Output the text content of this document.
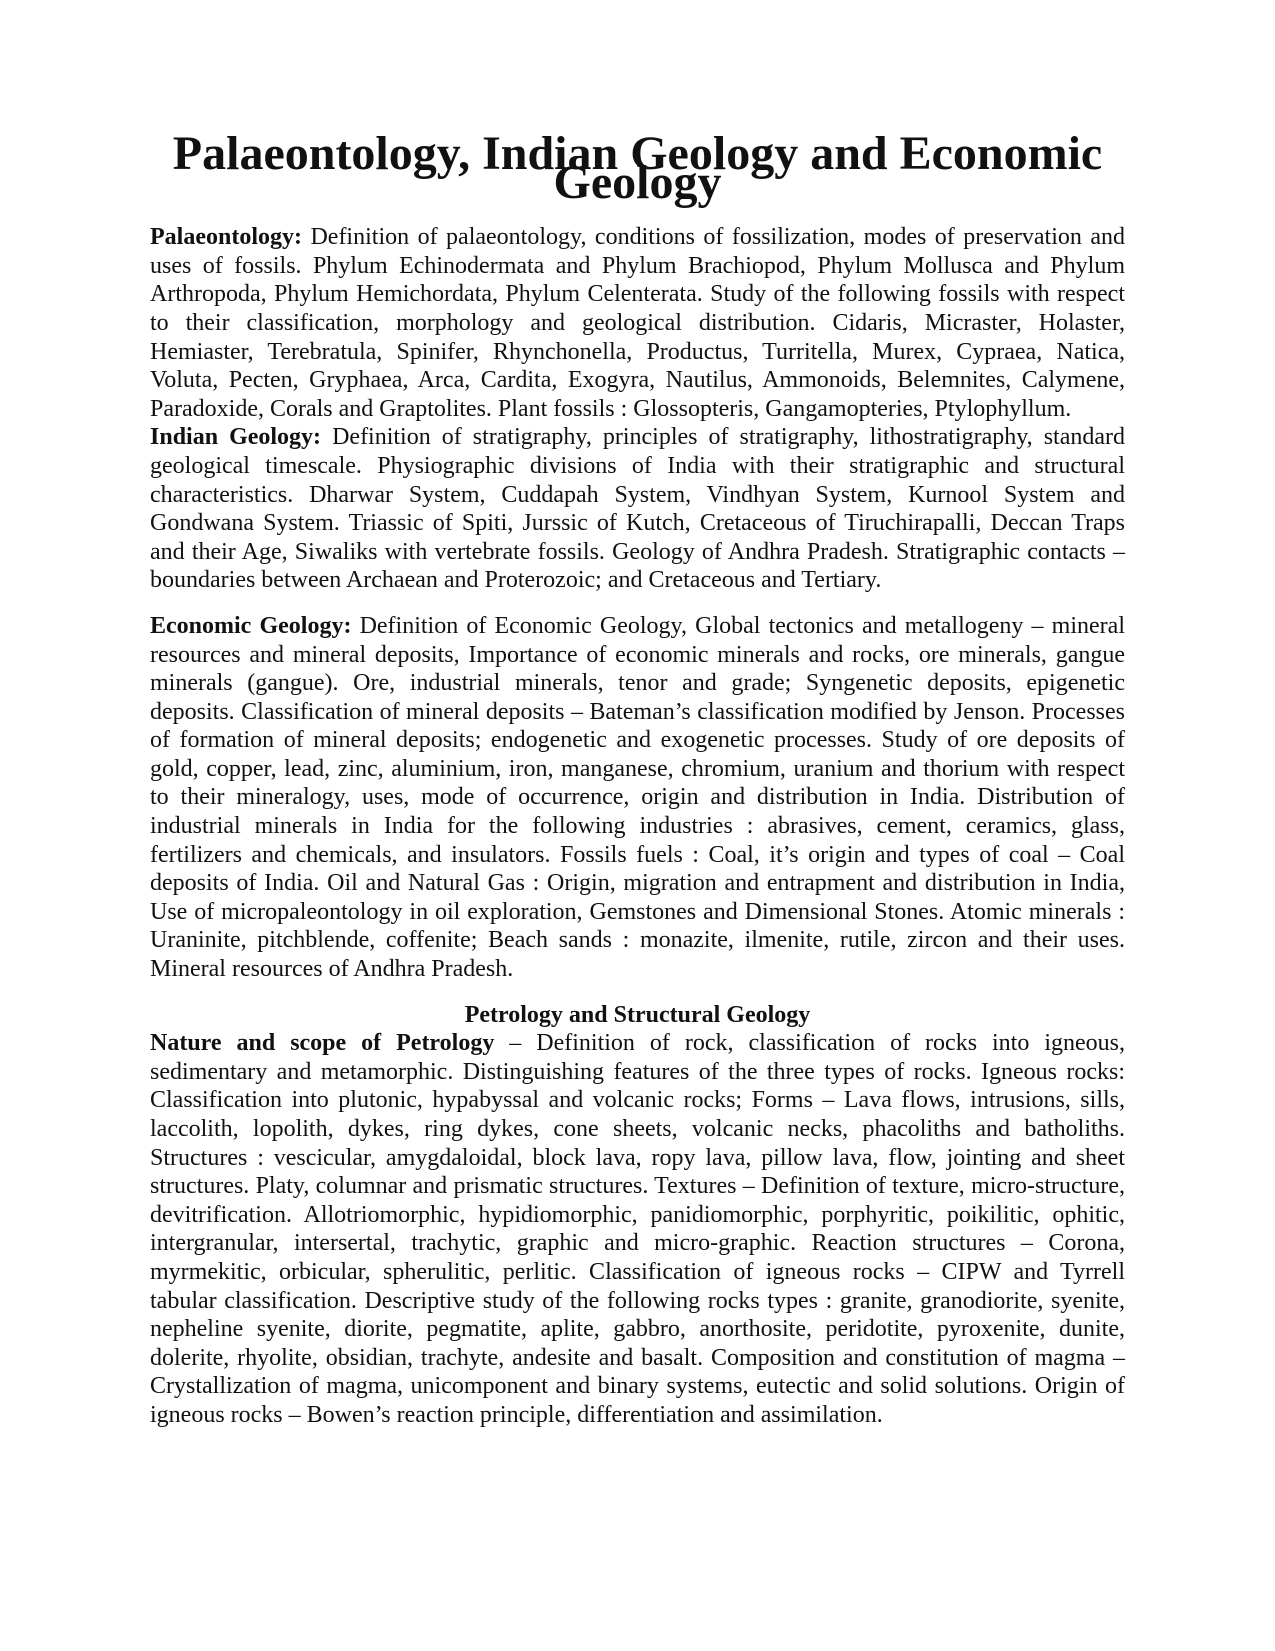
Palaeontology, Indian Geology and Economic Geology

Palaeontology: Definition of palaeontology, conditions of fossilization, modes of preservation and uses of fossils. Phylum Echinodermata and Phylum Brachiopod, Phylum Mollusca and Phylum Arthropoda, Phylum Hemichordata, Phylum Celenterata. Study of the following fossils with respect to their classification, morphology and geological distribution. Cidaris, Micraster, Holaster, Hemiaster, Terebratula, Spinifer, Rhynchonella, Productus, Turritella, Murex, Cypraea, Natica, Voluta, Pecten, Gryphaea, Arca, Cardita, Exogyra, Nautilus, Ammonoids, Belemnites, Calymene, Paradoxide, Corals and Graptolites. Plant fossils : Glossopteris, Gangamopteries, Ptylophyllum.

Indian Geology: Definition of stratigraphy, principles of stratigraphy, lithostratigraphy, standard geological timescale. Physiographic divisions of India with their stratigraphic and structural characteristics. Dharwar System, Cuddapah System, Vindhyan System, Kurnool System and Gondwana System. Triassic of Spiti, Jurssic of Kutch, Cretaceous of Tiruchirapalli, Deccan Traps and their Age, Siwaliks with vertebrate fossils. Geology of Andhra Pradesh. Stratigraphic contacts – boundaries between Archaean and Proterozoic; and Cretaceous and Tertiary.

Economic Geology: Definition of Economic Geology, Global tectonics and metallogeny – mineral resources and mineral deposits, Importance of economic minerals and rocks, ore minerals, gangue minerals (gangue). Ore, industrial minerals, tenor and grade; Syngenetic deposits, epigenetic deposits. Classification of mineral deposits – Bateman’s classification modified by Jenson. Processes of formation of mineral deposits; endogenetic and exogenetic processes. Study of ore deposits of gold, copper, lead, zinc, aluminium, iron, manganese, chromium, uranium and thorium with respect to their mineralogy, uses, mode of occurrence, origin and distribution in India. Distribution of industrial minerals in India for the following industries : abrasives, cement, ceramics, glass, fertilizers and chemicals, and insulators. Fossils fuels : Coal, it’s origin and types of coal – Coal deposits of India. Oil and Natural Gas : Origin, migration and entrapment and distribution in India, Use of micropaleontology in oil exploration, Gemstones and Dimensional Stones. Atomic minerals : Uraninite, pitchblende, coffenite; Beach sands : monazite, ilmenite, rutile, zircon and their uses. Mineral resources of Andhra Pradesh.

Petrology and Structural Geology

Nature and scope of Petrology – Definition of rock, classification of rocks into igneous, sedimentary and metamorphic. Distinguishing features of the three types of rocks. Igneous rocks: Classification into plutonic, hypabyssal and volcanic rocks; Forms – Lava flows, intrusions, sills, laccolith, lopolith, dykes, ring dykes, cone sheets, volcanic necks, phacoliths and batholiths. Structures : vescicular, amygdaloidal, block lava, ropy lava, pillow lava, flow, jointing and sheet structures. Platy, columnar and prismatic structures. Textures – Definition of texture, micro-structure, devitrification. Allotriomorphic, hypidiomorphic, panidiomorphic, porphyritic, poikilitic, ophitic, intergranular, intersertal, trachytic, graphic and micro-graphic. Reaction structures – Corona, myrmekitic, orbicular, spherulitic, perlitic. Classification of igneous rocks – CIPW and Tyrrell tabular classification. Descriptive study of the following rocks types : granite, granodiorite, syenite, nepheline syenite, diorite, pegmatite, aplite, gabbro, anorthosite, peridotite, pyroxenite, dunite, dolerite, rhyolite, obsidian, trachyte, andesite and basalt. Composition and constitution of magma – Crystallization of magma, unicomponent and binary systems, eutectic and solid solutions. Origin of igneous rocks – Bowen’s reaction principle, differentiation and assimilation.
